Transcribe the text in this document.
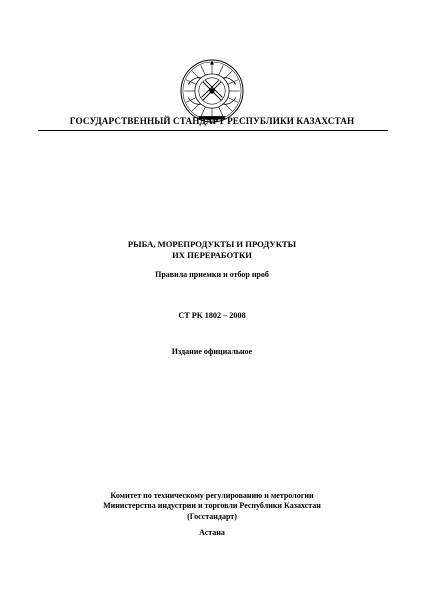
ГОСУДАРСТВЕННЫЙ СТАНДАРТ РЕСПУБЛИКИ КАЗАХСТАН
РЫБА, МОРЕПРОДУКТЫ И ПРОДУКТЫ
ИХ ПЕРЕРАБОТКИ
Правила приемки и отбор проб
СТ РК 1802 – 2008
Издание официальное
Комитет по техническому регулированию и метрологии
Министерства индустрии и торговли Республики Казахстан
(Госстандарт)
Астана
